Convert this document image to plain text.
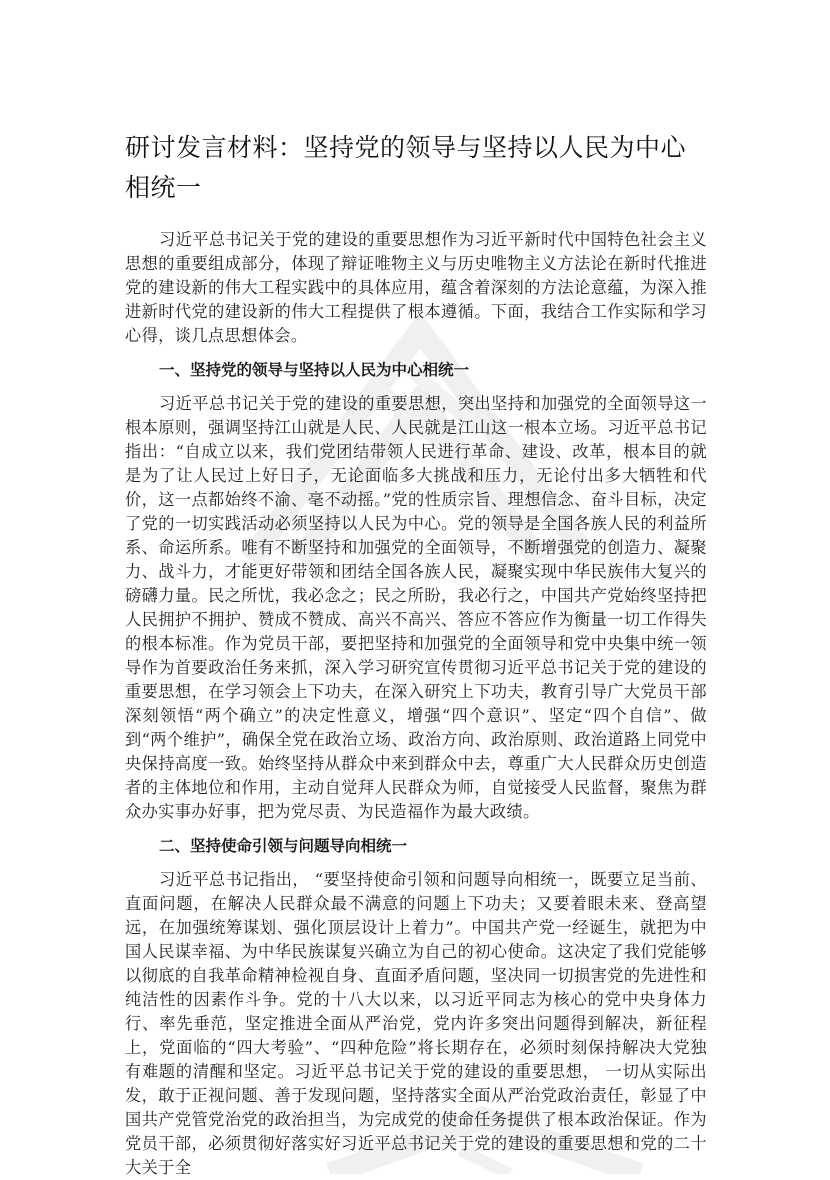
研讨发言材料：坚持党的领导与坚持以人民为中心相统一

习近平总书记关于党的建设的重要思想作为习近平新时代中国特色社会主义思想的重要组成部分，体现了辩证唯物主义与历史唯物主义方法论在新时代推进党的建设新的伟大工程实践中的具体应用，蕴含着深刻的方法论意蕴，为深入推进新时代党的建设新的伟大工程提供了根本遵循。下面，我结合工作实际和学习心得，谈几点思想体会。

一、坚持党的领导与坚持以人民为中心相统一

习近平总书记关于党的建设的重要思想，突出坚持和加强党的全面领导这一根本原则，强调坚持江山就是人民、人民就是江山这一根本立场。习近平总书记指出：“自成立以来，我们党团结带领人民进行革命、建设、改革，根本目的就是为了让人民过上好日子，无论面临多大挑战和压力，无论付出多大牺牲和代价，这一点都始终不渝、毫不动摇。”党的性质宗旨、理想信念、奋斗目标，决定了党的一切实践活动必须坚持以人民为中心。党的领导是全国各族人民的利益所系、命运所系。唯有不断坚持和加强党的全面领导，不断增强党的创造力、凝聚力、战斗力，才能更好带领和团结全国各族人民，凝聚实现中华民族伟大复兴的磅礴力量。民之所忧，我必念之；民之所盼，我必行之，中国共产党始终坚持把人民拥护不拥护、赞成不赞成、高兴不高兴、答应不答应作为衡量一切工作得失的根本标准。作为党员干部，要把坚持和加强党的全面领导和党中央集中统一领导作为首要政治任务来抓，深入学习研究宣传贯彻习近平总书记关于党的建设的重要思想，在学习领会上下功夫，在深入研究上下功夫，教育引导广大党员干部深刻领悟“两个确立”的决定性意义，增强“四个意识”、坚定“四个自信”、做到“两个维护”，确保全党在政治立场、政治方向、政治原则、政治道路上同党中央保持高度一致。始终坚持从群众中来到群众中去，尊重广大人民群众历史创造者的主体地位和作用，主动自觉拜人民群众为师，自觉接受人民监督，聚焦为群众办实事办好事，把为党尽责、为民造福作为最大政绩。

二、坚持使命引领与问题导向相统一

习近平总书记指出， “要坚持使命引领和问题导向相统一，既要立足当前、直面问题，在解决人民群众最不满意的问题上下功夫；又要着眼未来、登高望远，在加强统筹谋划、强化顶层设计上着力”。中国共产党一经诞生，就把为中国人民谋幸福、为中华民族谋复兴确立为自己的初心使命。这决定了我们党能够以彻底的自我革命精神检视自身、直面矛盾问题，坚决同一切损害党的先进性和纯洁性的因素作斗争。党的十八大以来，以习近平同志为核心的党中央身体力行、率先垂范，坚定推进全面从严治党，党内许多突出问题得到解决，新征程上，党面临的“四大考验”、“四种危险”将长期存在，必须时刻保持解决大党独有难题的清醒和坚定。习近平总书记关于党的建设的重要思想， 一切从实际出发，敢于正视问题、善于发现问题，坚持落实全面从严治党政治责任，彰显了中国共产党管党治党的政治担当，为完成党的使命任务提供了根本政治保证。作为党员干部，必须贯彻好落实好习近平总书记关于党的建设的重要思想和党的二十大关于全
